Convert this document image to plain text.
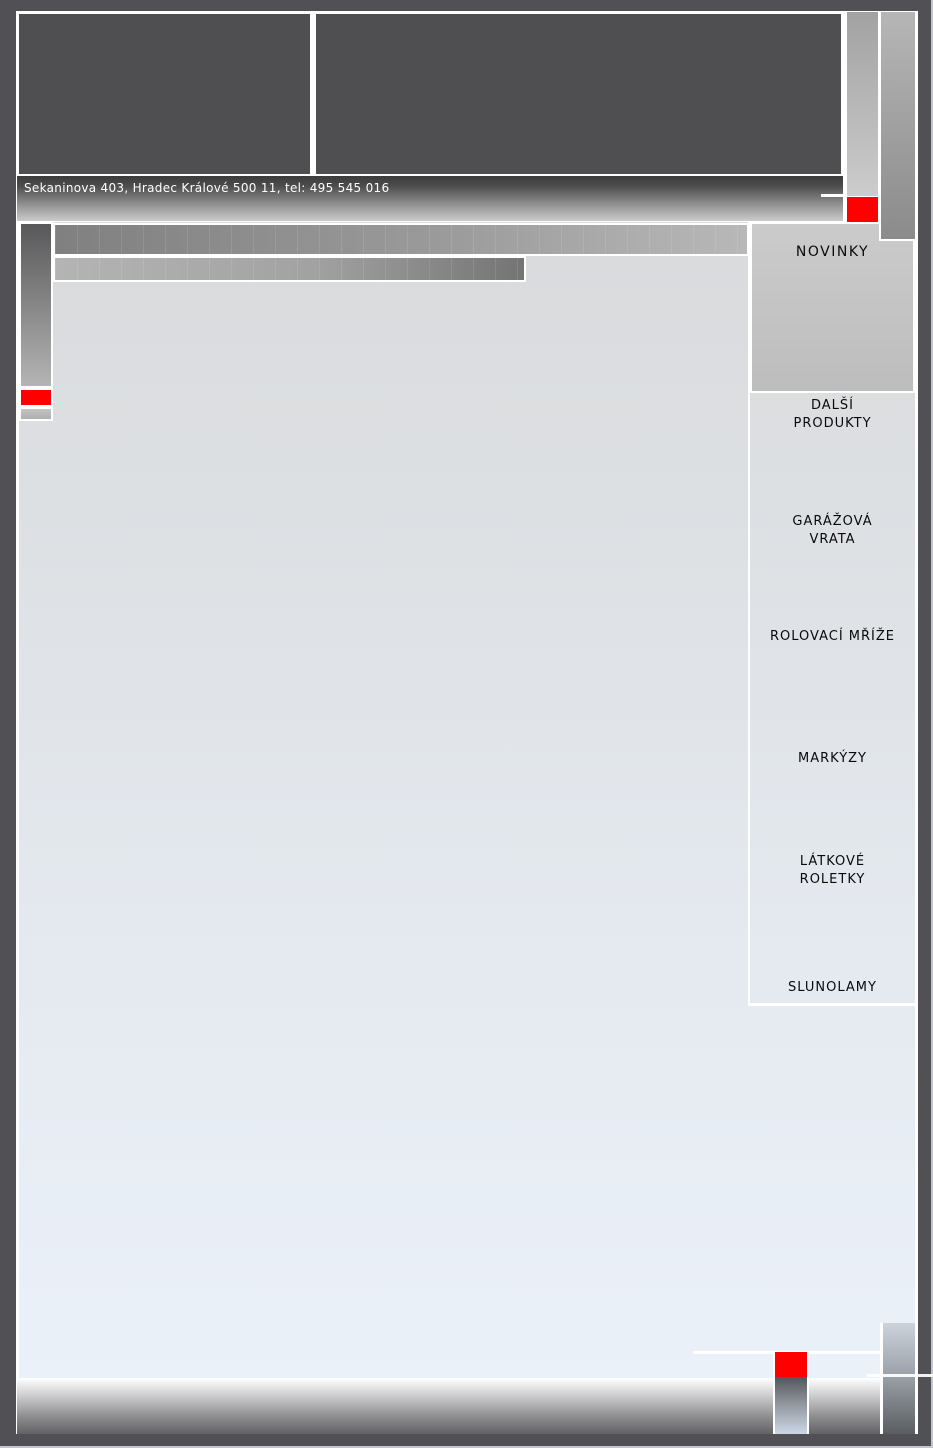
Sekaninova 403, Hradec Králové 500 11, tel: 495 545 016
NOVINKY
DALŠÍ PRODUKTY
GARÁŽOVÁ VRATA
ROLOVACÍ MŘÍŽE
MARKÝZY
LÁTKOVÉ ROLETKY
SLUNOLAMY
